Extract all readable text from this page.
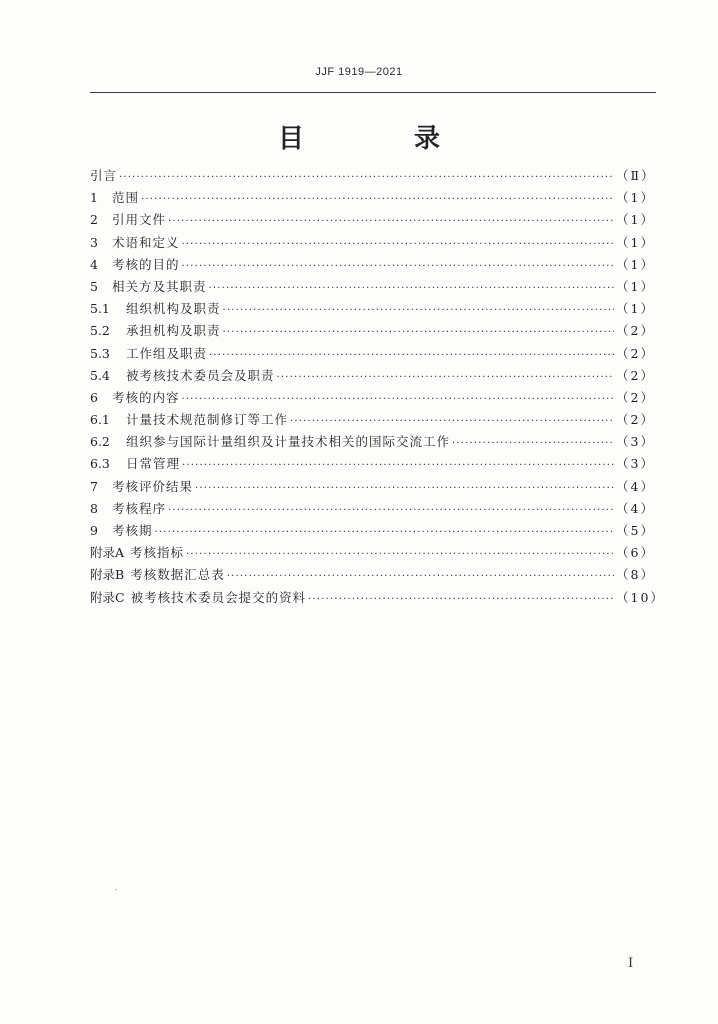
JJF 1919—2021
目　录
引言 ·····	（Ⅱ）
1	范围 ·····	（1）
2	引用文件 ·····	（1）
3	术语和定义 ·····	（1）
4	考核的目的 ·····	（1）
5	相关方及其职责 ·····	（1）
5.1	组织机构及职责 ·····	（1）
5.2	承担机构及职责 ·····	（2）
5.3	工作组及职责 ·····	（2）
5.4	被考核技术委员会及职责 ·····	（2）
6	考核的内容 ·····	（2）
6.1	计量技术规范制修订等工作 ·····	（2）
6.2	组织参与国际计量组织及计量技术相关的国际交流工作 ·····	（3）
6.3	日常管理 ·····	（3）
7	考核评价结果 ·····	（4）
8	考核程序 ·····	（4）
9	考核期 ·····	（5）
附录A 考核指标 ·····	（6）
附录B 考核数据汇总表 ·····	（8）
附录C 被考核技术委员会提交的资料 ·····	（10）
Ⅰ
